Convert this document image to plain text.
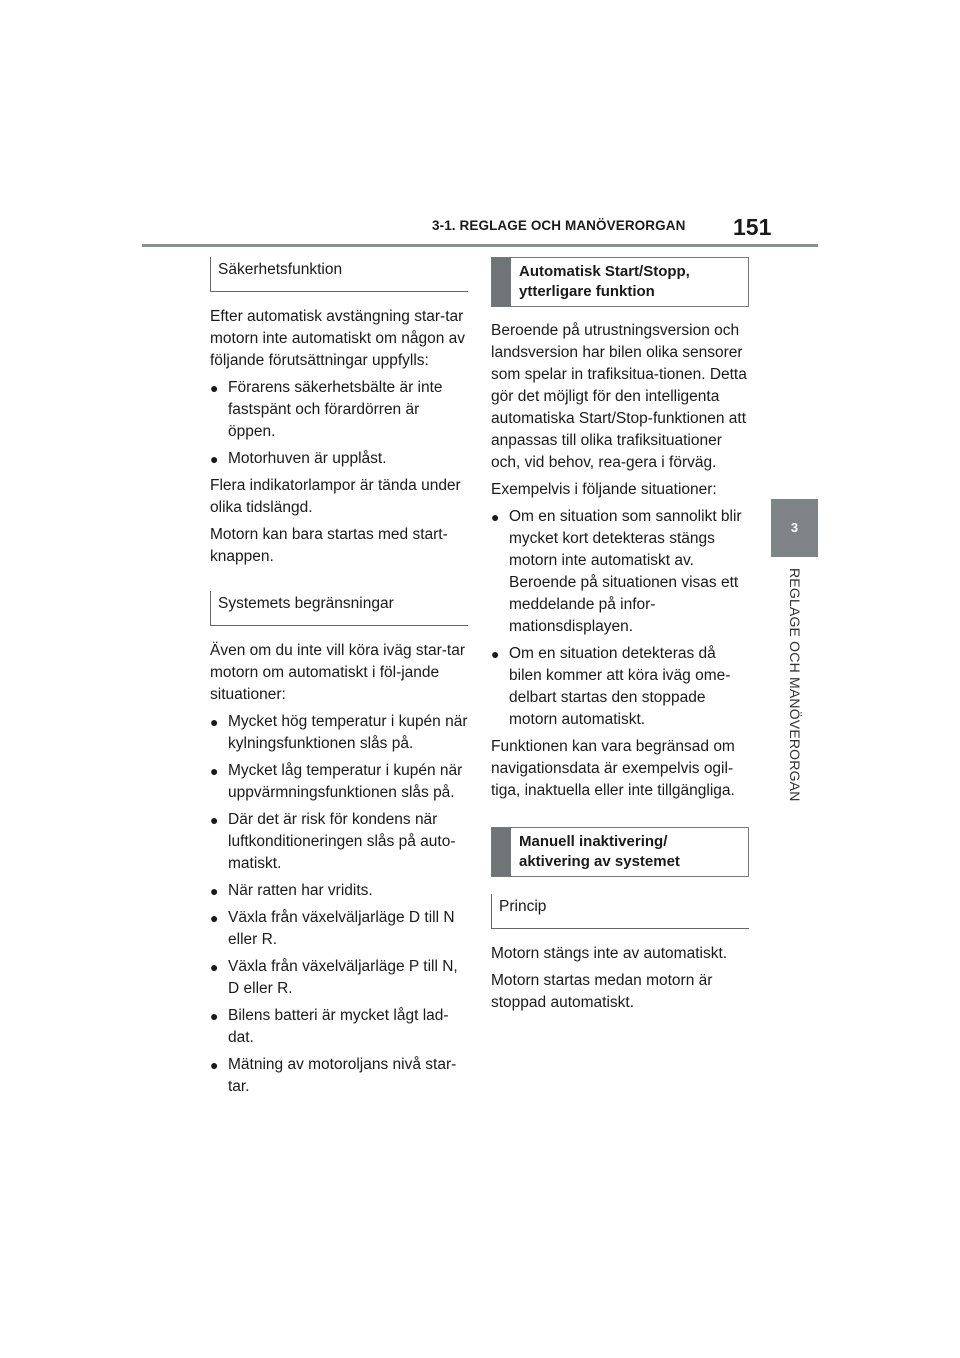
3-1. REGLAGE OCH MANÖVERORGAN 151
3
REGLAGE OCH MANÖVERORGAN
Säkerhetsfunktion

Efter automatisk avstängning star-tar motorn inte automatiskt om någon av följande förutsättningar uppfylls:

● Förarens säkerhetsbälte är inte fastspänt och förardörren är öppen.
● Motorhuven är upplåst.

Flera indikatorlampor är tända under olika tidslängd.

Motorn kan bara startas med start-knappen.

Systemets begränsningar

Även om du inte vill köra iväg star-tar motorn om automatiskt i föl-jande situationer:

● Mycket hög temperatur i kupén när kylningsfunktionen slås på.
● Mycket låg temperatur i kupén när uppvärmningsfunktionen slås på.
● Där det är risk för kondens när luftkonditioneringen slås på auto-matiskt.
● När ratten har vridits.
● Växla från växelväljarläge D till N eller R.
● Växla från växelväljarläge P till N, D eller R.
● Bilens batteri är mycket lågt lad-dat.
● Mätning av motoroljans nivå star-tar.
Automatisk Start/Stopp, ytterligare funktion

Beroende på utrustningsversion och landsversion har bilen olika sensorer som spelar in trafiksitua-tionen. Detta gör det möjligt för den intelligenta automatiska Start/Stop-funktionen att anpassas till olika trafiksituationer och, vid behov, rea-gera i förväg.

Exempelvis i följande situationer:

● Om en situation som sannolikt blir mycket kort detekteras stängs motorn inte automatiskt av. Beroende på situationen visas ett meddelande på infor-mationsdisplayen.
● Om en situation detekteras då bilen kommer att köra iväg ome-delbart startas den stoppade motorn automatiskt.

Funktionen kan vara begränsad om navigationsdata är exempelvis ogil-tiga, inaktuella eller inte tillgängliga.

Manuell inaktivering/ aktivering av systemet
Princip

Motorn stängs inte av automatiskt.

Motorn startas medan motorn är stoppad automatiskt.
